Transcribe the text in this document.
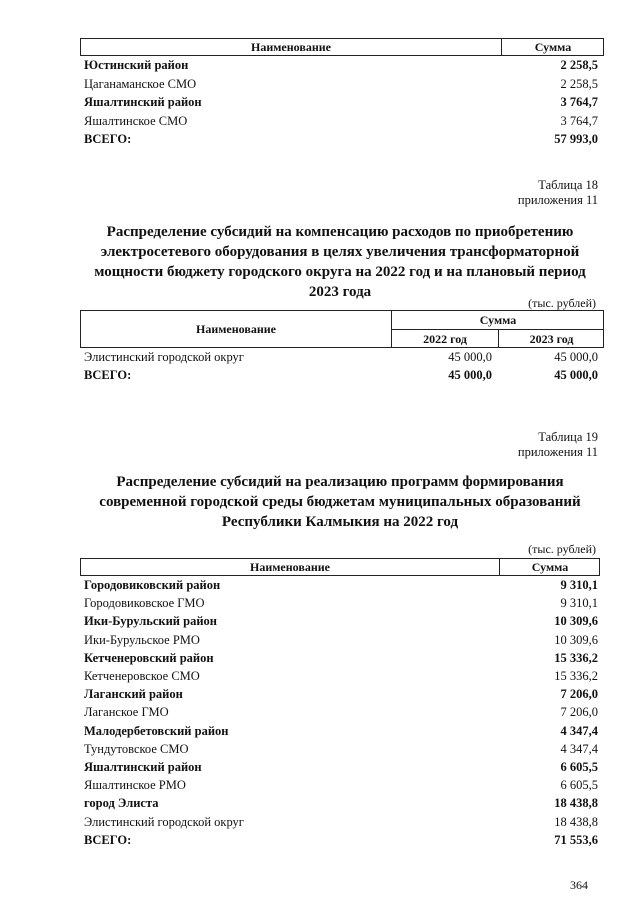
Наименование	Сумма
Юстинский район	2 258,5
Цаганаманское СМО	2 258,5
Яшалтинский район	3 764,7
Яшалтинское СМО	3 764,7
ВСЕГО:	57 993,0
Таблица 18
приложения 11
Распределение субсидий на компенсацию расходов по приобретению
электросетевого оборудования в целях увеличения трансформаторной
мощности бюджету городского округа на 2022 год и на плановый период
2023 года
(тыс. рублей)
Наименование
Сумма
2022 год	2023 год
Элистинский городской округ	45 000,0	45 000,0
ВСЕГО:	45 000,0	45 000,0
Таблица 19
приложения 11
Распределение субсидий на реализацию программ формирования
современной городской среды бюджетам муниципальных образований
Республики Калмыкия на 2022 год
(тыс. рублей)
Наименование	Сумма
Городовиковский район	9 310,1
Городовиковское ГМО	9 310,1
Ики-Бурульский район	10 309,6
Ики-Бурульское РМО	10 309,6
Кетченеровский район	15 336,2
Кетченеровское СМО	15 336,2
Лаганский район	7 206,0
Лаганское ГМО	7 206,0
Малодербетовский район	4 347,4
Тундутовское СМО	4 347,4
Яшалтинский район	6 605,5
Яшалтинское РМО	6 605,5
город Элиста	18 438,8
Элистинский городской округ	18 438,8
ВСЕГО:	71 553,6
364
